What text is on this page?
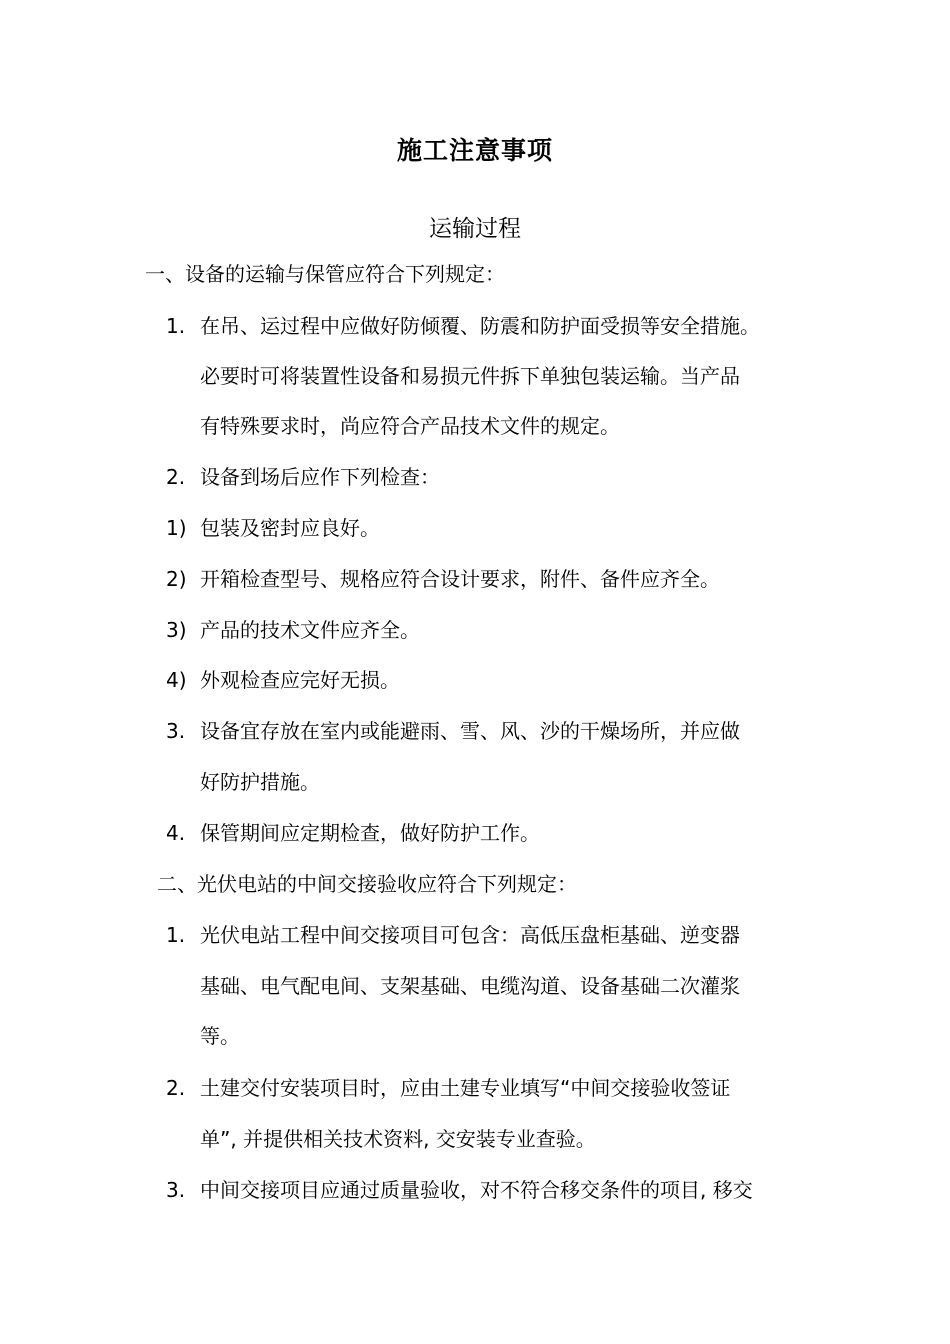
施工注意事项
运输过程
一、设备的运输与保管应符合下列规定：
1. 在吊、运过程中应做好防倾覆、防震和防护面受损等安全措施。
必要时可将装置性设备和易损元件拆下单独包装运输。当产品
有特殊要求时，尚应符合产品技术文件的规定。
2. 设备到场后应作下列检查：
1) 包装及密封应良好。
2) 开箱检查型号、规格应符合设计要求，附件、备件应齐全。
3) 产品的技术文件应齐全。
4) 外观检查应完好无损。
3. 设备宜存放在室内或能避雨、雪、风、沙的干燥场所，并应做
好防护措施。
4. 保管期间应定期检查，做好防护工作。
二、光伏电站的中间交接验收应符合下列规定：
1. 光伏电站工程中间交接项目可包含：高低压盘柜基础、逆变器
基础、电气配电间、支架基础、电缆沟道、设备基础二次灌浆
等。
2. 土建交付安装项目时，应由土建专业填写“中间交接验收签证
单”, 并提供相关技术资料, 交安装专业查验。
3. 中间交接项目应通过质量验收，对不符合移交条件的项目, 移交
